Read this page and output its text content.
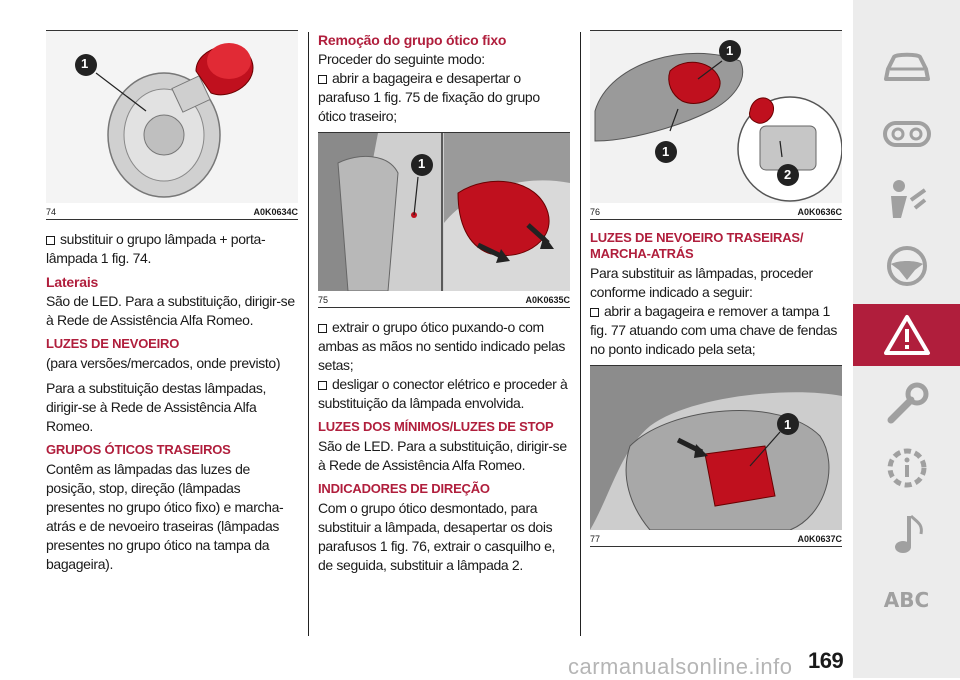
1
74	A0K0634C

substituir o grupo lâmpada + porta-lâmpada 1 fig. 74.

Laterais

São de LED. Para a substituição, dirigir-se à Rede de Assistência Alfa Romeo.

LUZES DE NEVOEIRO

(para versões/mercados, onde previsto)

Para a substituição destas lâmpadas, dirigir-se à Rede de Assistência Alfa Romeo.

GRUPOS ÓTICOS TRASEIROS

Contêm as lâmpadas das luzes de posição, stop, direção (lâmpadas presentes no grupo ótico fixo) e marcha-atrás e de nevoeiro traseiras (lâmpadas presentes no grupo ótico na tampa da bagageira).

Remoção do grupo ótico fixo

Proceder do seguinte modo:

abrir a bagageira e desapertar o parafuso 1 fig. 75 de fixação do grupo ótico traseiro;

1
75	A0K0635C

extrair o grupo ótico puxando-o com ambas as mãos no sentido indicado pelas setas;

desligar o conector elétrico e proceder à substituição da lâmpada envolvida.

LUZES DOS MÍNIMOS/LUZES DE STOP

São de LED. Para a substituição, dirigir-se à Rede de Assistência Alfa Romeo.

INDICADORES DE DIREÇÃO

Com o grupo ótico desmontado, para substituir a lâmpada, desapertar os dois parafusos 1 fig. 76, extrair o casquilho e, de seguida, substituir a lâmpada 2.

1
1
2
76	A0K0636C
LUZES DE NEVOEIRO TRASEIRAS/ MARCHA-ATRÁS

Para substituir as lâmpadas, proceder conforme indicado a seguir:

abrir a bagageira e remover a tampa 1 fig. 77 atuando com uma chave de fendas no ponto indicado pela seta;

1
77	A0K0637C
ABC
carmanualsonline.info 169
